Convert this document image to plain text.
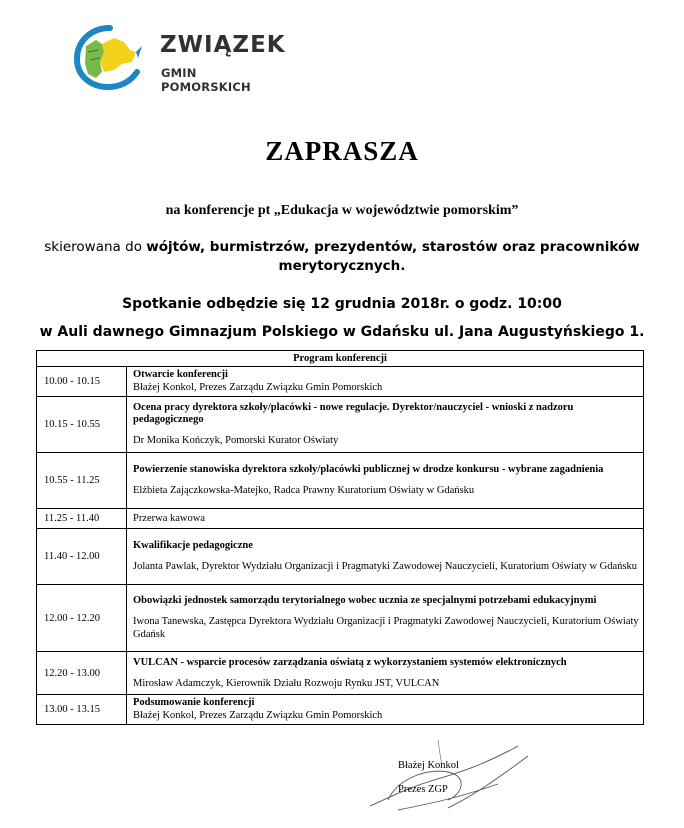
ZWIĄZEK
GMIN POMORSKICH
ZAPRASZA
na konferencje pt „Edukacja w województwie pomorskim”
skierowana do wójtów, burmistrzów, prezydentów, starostów oraz pracowników merytorycznych.
Spotkanie odbędzie się 12 grudnia 2018r. o godz. 10:00
w Auli dawnego Gimnazjum Polskiego w Gdańsku ul. Jana Augustyńskiego 1.
Program konferencji	
10.00 - 10.15	Otwarcie konferencji
Błażej Konkol, Prezes Zarządu Związku Gmin Pomorskich

10.15 - 10.55	Ocena pracy dyrektora szkoły/placówki - nowe regulacje. Dyrektor/nauczyciel - wnioski z nadzoru pedagogicznego
Dr Monika Kończyk, Pomorski Kurator Oświaty

10.55 - 11.25	Powierzenie stanowiska dyrektora szkoły/placówki publicznej w drodze konkursu - wybrane zagadnienia
Elżbieta Zajączkowska-Matejko, Radca Prawny Kuratorium Oświaty w Gdańsku

11.25 - 11.40	Przerwa kawowa

11.40 - 12.00	Kwalifikacje pedagogiczne
Jolanta Pawlak, Dyrektor Wydziału Organizacji i Pragmatyki Zawodowej Nauczycieli, Kuratorium Oświaty w Gdańsku

12.00 - 12.20	Obowiązki jednostek samorządu terytorialnego wobec ucznia ze specjalnymi potrzebami edukacyjnymi
Iwona Tanewska, Zastępca Dyrektora Wydziału Organizacji i Pragmatyki Zawodowej Nauczycieli, Kuratorium Oświaty Gdańsk

12.20 - 13.00	VULCAN - wsparcie procesów zarządzania oświatą z wykorzystaniem systemów elektronicznych
Mirosław Adamczyk, Kierownik Działu Rozwoju Rynku JST, VULCAN

13.00 - 13.15	Podsumowanie konferencji
Błażej Konkol, Prezes Zarządu Związku Gmin Pomorskich
Błażej Konkol
Prezes ZGP
